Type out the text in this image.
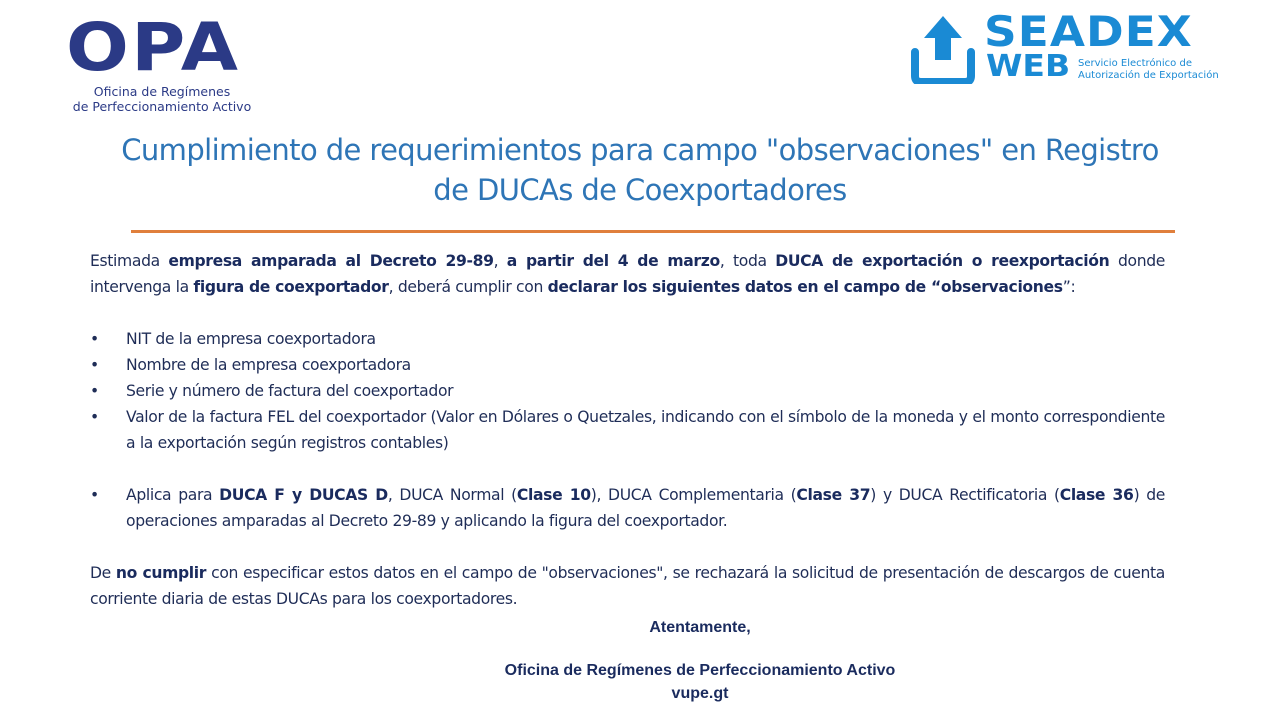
OPA
Oficina de Regímenes
de Perfeccionamiento Activo
SEADEX
WEB Servicio Electrónico de
Autorización de Exportación
Cumplimiento de requerimientos para campo "observaciones" en Registro
de DUCAs de Coexportadores

Estimada empresa amparada al Decreto 29-89, a partir del 4 de marzo, toda DUCA de exportación o reexportación donde intervenga la figura de coexportador, deberá cumplir con declarar los siguientes datos en el campo de “observaciones”:

• NIT de la empresa coexportadora
• Nombre de la empresa coexportadora
• Serie y número de factura del coexportador
• Valor de la factura FEL del coexportador (Valor en Dólares o Quetzales, indicando con el símbolo de la moneda y el monto correspondiente a la exportación según registros contables)
• Aplica para DUCA F y DUCAS D, DUCA Normal (Clase 10), DUCA Complementaria (Clase 37) y DUCA Rectificatoria (Clase 36) de operaciones amparadas al Decreto 29-89 y aplicando la figura del coexportador.

De no cumplir con especificar estos datos en el campo de "observaciones", se rechazará la solicitud de presentación de descargos de cuenta corriente diaria de estas DUCAs para los coexportadores.

Atentamente,
Oficina de Regímenes de Perfeccionamiento Activo
vupe.gt
